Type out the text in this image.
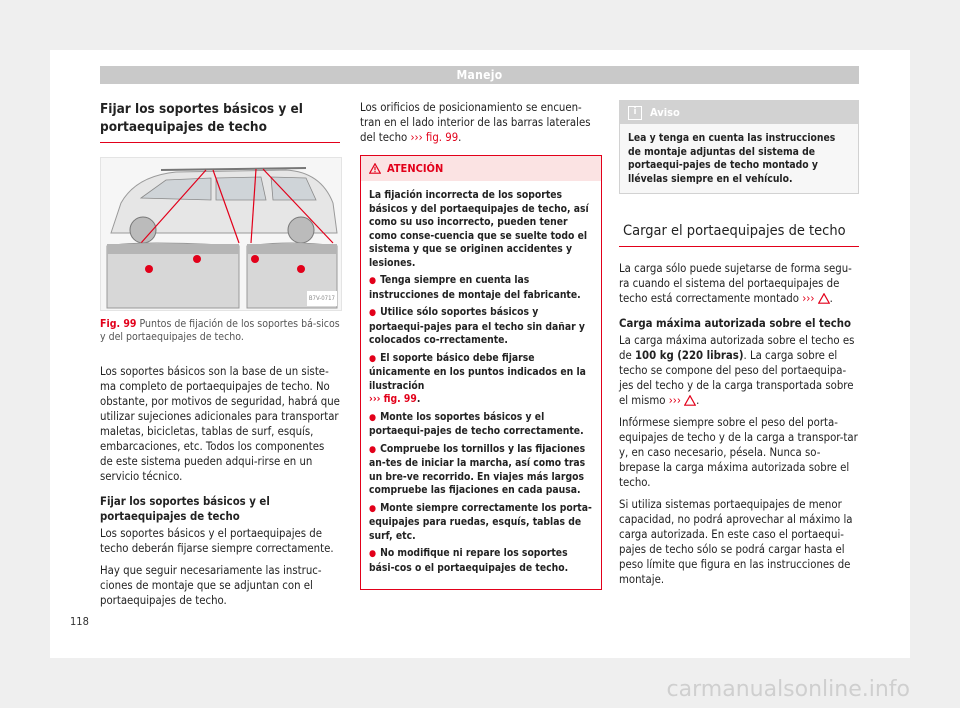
Manejo
Fijar los soportes básicos y el portaequipajes de techo
B7V-0717
Fig. 99 Puntos de fijación de los soportes bá-sicos y del portaequipajes de techo.

Los soportes básicos son la base de un siste-ma completo de portaequipajes de techo. No obstante, por motivos de seguridad, habrá que utilizar sujeciones adicionales para transportar maletas, bicicletas, tablas de surf, esquís, embarcaciones, etc. Todos los componentes de este sistema pueden adqui-rirse en un servicio técnico.

Fijar los soportes básicos y el portaequipajes de techo

Los soportes básicos y el portaequipajes de techo deberán fijarse siempre correctamente.

Hay que seguir necesariamente las instruc-ciones de montaje que se adjuntan con el portaequipajes de techo.

Los orificios de posicionamiento se encuen-tran en el lado interior de las barras laterales del techo ››› fig. 99.

ATENCIÓN

La fijación incorrecta de los soportes básicos y del portaequipajes de techo, así como su uso incorrecto, pueden tener como conse-cuencia que se suelte todo el sistema y que se originen accidentes y lesiones.

● Tenga siempre en cuenta las instrucciones de montaje del fabricante.

● Utilice sólo soportes básicos y portaequi-pajes para el techo sin dañar y colocados co-rrectamente.

● El soporte básico debe fijarse únicamente en los puntos indicados en la ilustración
››› fig. 99.

● Monte los soportes básicos y el portaequi-pajes de techo correctamente.

● Compruebe los tornillos y las fijaciones an-tes de iniciar la marcha, así como tras un bre-ve recorrido. En viajes más largos compruebe las fijaciones en cada pausa.

● Monte siempre correctamente los porta-equipajes para ruedas, esquís, tablas de surf, etc.

● No modifique ni repare los soportes bási-cos o el portaequipajes de techo.

i	Aviso
Lea y tenga en cuenta las instrucciones de montaje adjuntas del sistema de portaequi-pajes de techo montado y llévelas siempre en el vehículo.
Cargar el portaequipajes de techo

La carga sólo puede sujetarse de forma segu-ra cuando el sistema del portaequipajes de techo está correctamente montado ››› .

Carga máxima autorizada sobre el techo

La carga máxima autorizada sobre el techo es de 100 kg (220 libras). La carga sobre el techo se compone del peso del portaequipa-jes del techo y de la carga transportada sobre el mismo ››› .

Infórmese siempre sobre el peso del porta-equipajes de techo y de la carga a transpor-tar y, en caso necesario, pésela. Nunca so-brepase la carga máxima autorizada sobre el techo.

Si utiliza sistemas portaequipajes de menor capacidad, no podrá aprovechar al máximo la carga autorizada. En este caso el portaequi-pajes de techo sólo se podrá cargar hasta el peso límite que figura en las instrucciones de montaje.

118
carmanualsonline.info
